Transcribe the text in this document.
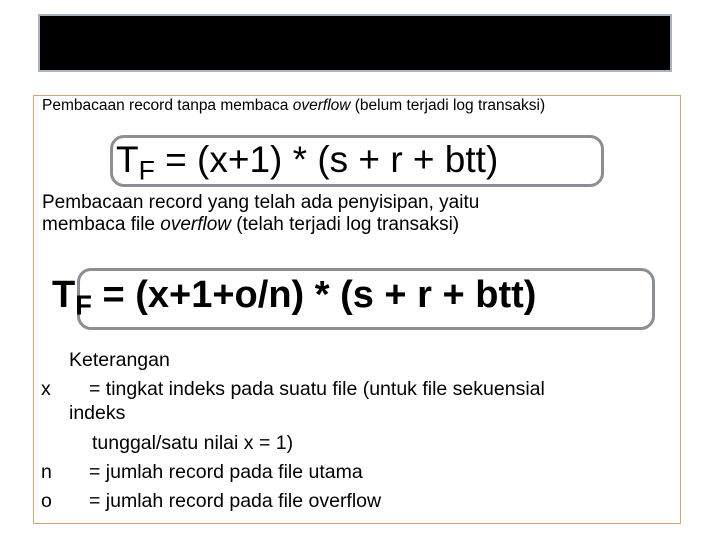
Pembacaan record tanpa membaca overflow (belum terjadi log transaksi)
$T_F = (x+1) * (s + r + btt)$
Pembacaan record yang telah ada penyisipan, yaitu
membaca file overflow (telah terjadi log transaksi)
$T_F = (x+1+o/n) * (s + r + btt)$
Keterangan
x = tingkat indeks pada suatu file (untuk file sekuensial
indeks
tunggal/satu nilai x = 1)
n = jumlah record pada file utama
o = jumlah record pada file overflow
